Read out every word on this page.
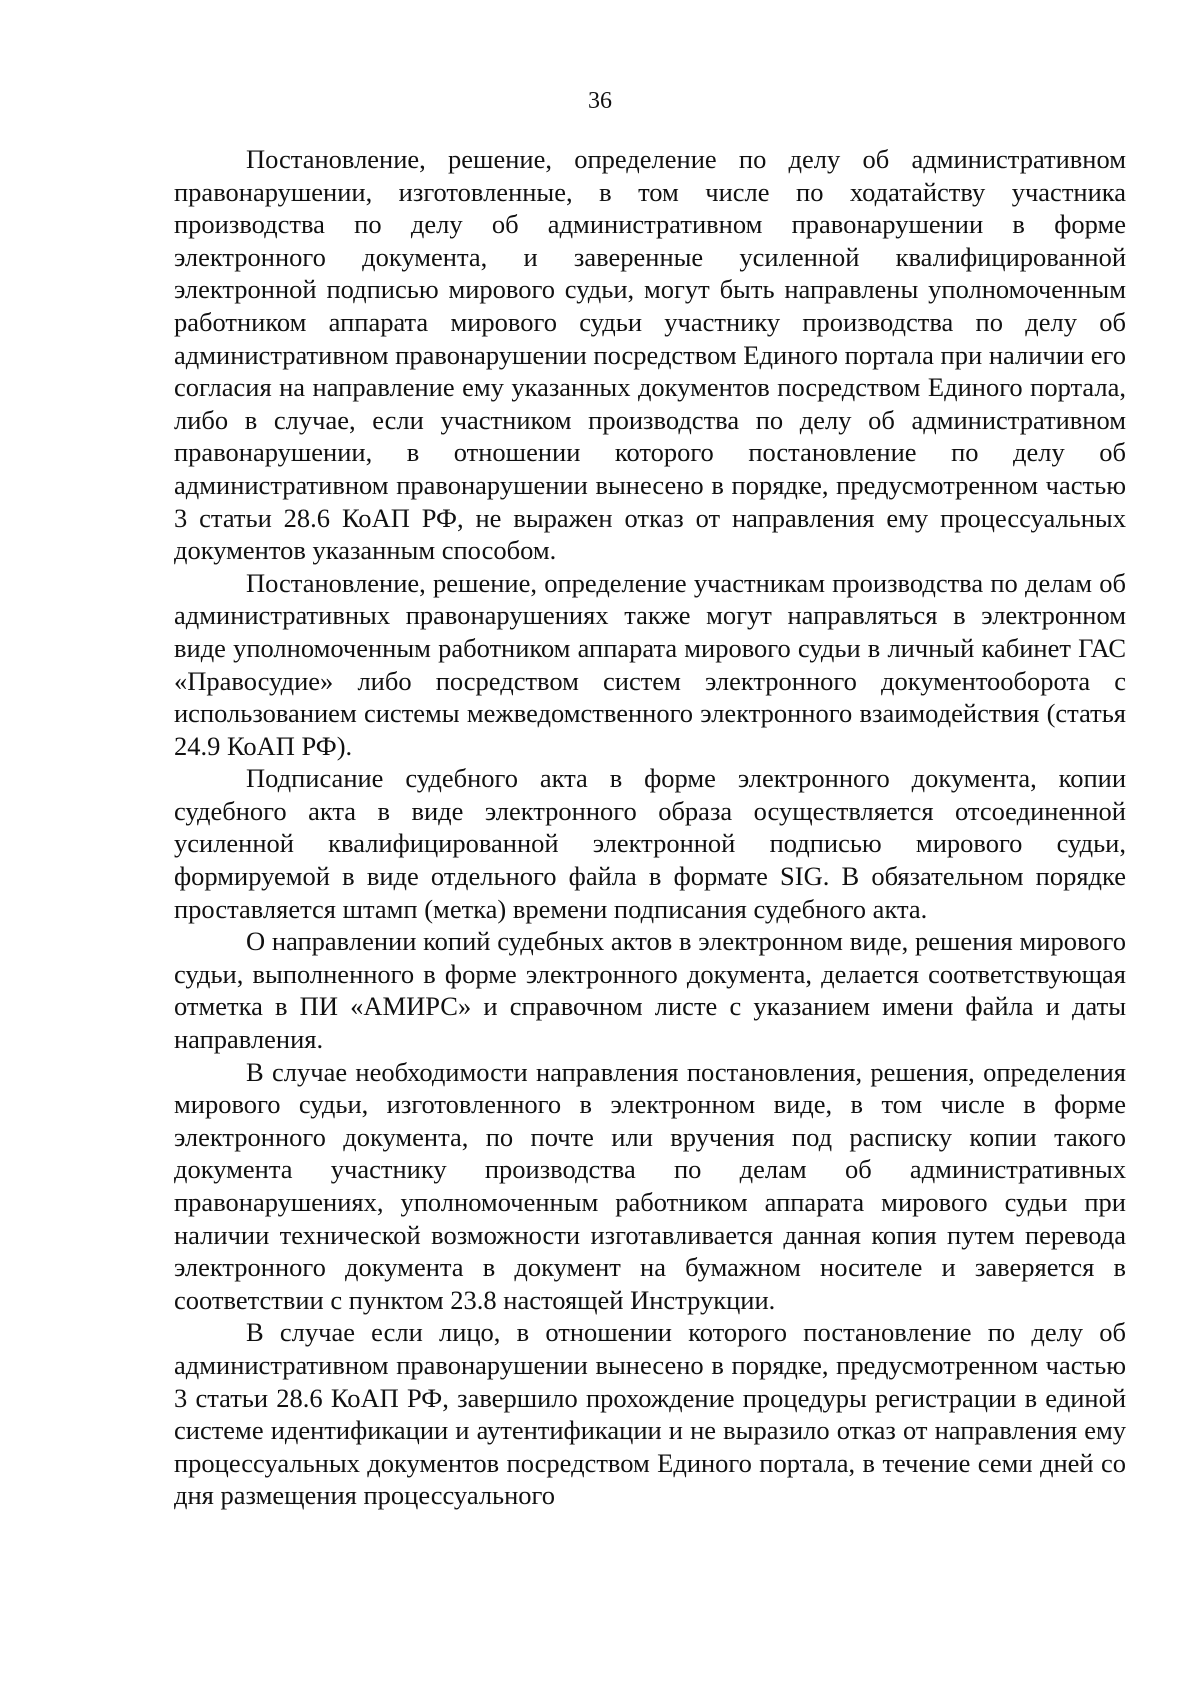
36

Постановление, решение, определение по делу об административном правонарушении, изготовленные, в том числе по ходатайству участника производства по делу об административном правонарушении в форме электронного документа, и заверенные усиленной квалифицированной электронной подписью мирового судьи, могут быть направлены уполномоченным работником аппарата мирового судьи участнику производства по делу об административном правонарушении посредством Единого портала при наличии его согласия на направление ему указанных документов посредством Единого портала, либо в случае, если участником производства по делу об административном правонарушении, в отношении которого постановление по делу об административном правонарушении вынесено в порядке, предусмотренном частью 3 статьи 28.6 КоАП РФ, не выражен отказ от направления ему процессуальных документов указанным способом.

Постановление, решение, определение участникам производства по делам об административных правонарушениях также могут направляться в электронном виде уполномоченным работником аппарата мирового судьи в личный кабинет ГАС «Правосудие» либо посредством систем электронного документооборота с использованием системы межведомственного электронного взаимодействия (статья 24.9 КоАП РФ).

Подписание судебного акта в форме электронного документа, копии судебного акта в виде электронного образа осуществляется отсоединенной усиленной квалифицированной электронной подписью мирового судьи, формируемой в виде отдельного файла в формате SIG. В обязательном порядке проставляется штамп (метка) времени подписания судебного акта.

О направлении копий судебных актов в электронном виде, решения мирового судьи, выполненного в форме электронного документа, делается соответствующая отметка в ПИ «АМИРС» и справочном листе с указанием имени файла и даты направления.

В случае необходимости направления постановления, решения, определения мирового судьи, изготовленного в электронном виде, в том числе в форме электронного документа, по почте или вручения под расписку копии такого документа участнику производства по делам об административных правонарушениях, уполномоченным работником аппарата мирового судьи при наличии технической возможности изготавливается данная копия путем перевода электронного документа в документ на бумажном носителе и заверяется в соответствии с пунктом 23.8 настоящей Инструкции.

В случае если лицо, в отношении которого постановление по делу об административном правонарушении вынесено в порядке, предусмотренном частью 3 статьи 28.6 КоАП РФ, завершило прохождение процедуры регистрации в единой системе идентификации и аутентификации и не выразило отказ от направления ему процессуальных документов посредством Единого портала, в течение семи дней со дня размещения процессуального
